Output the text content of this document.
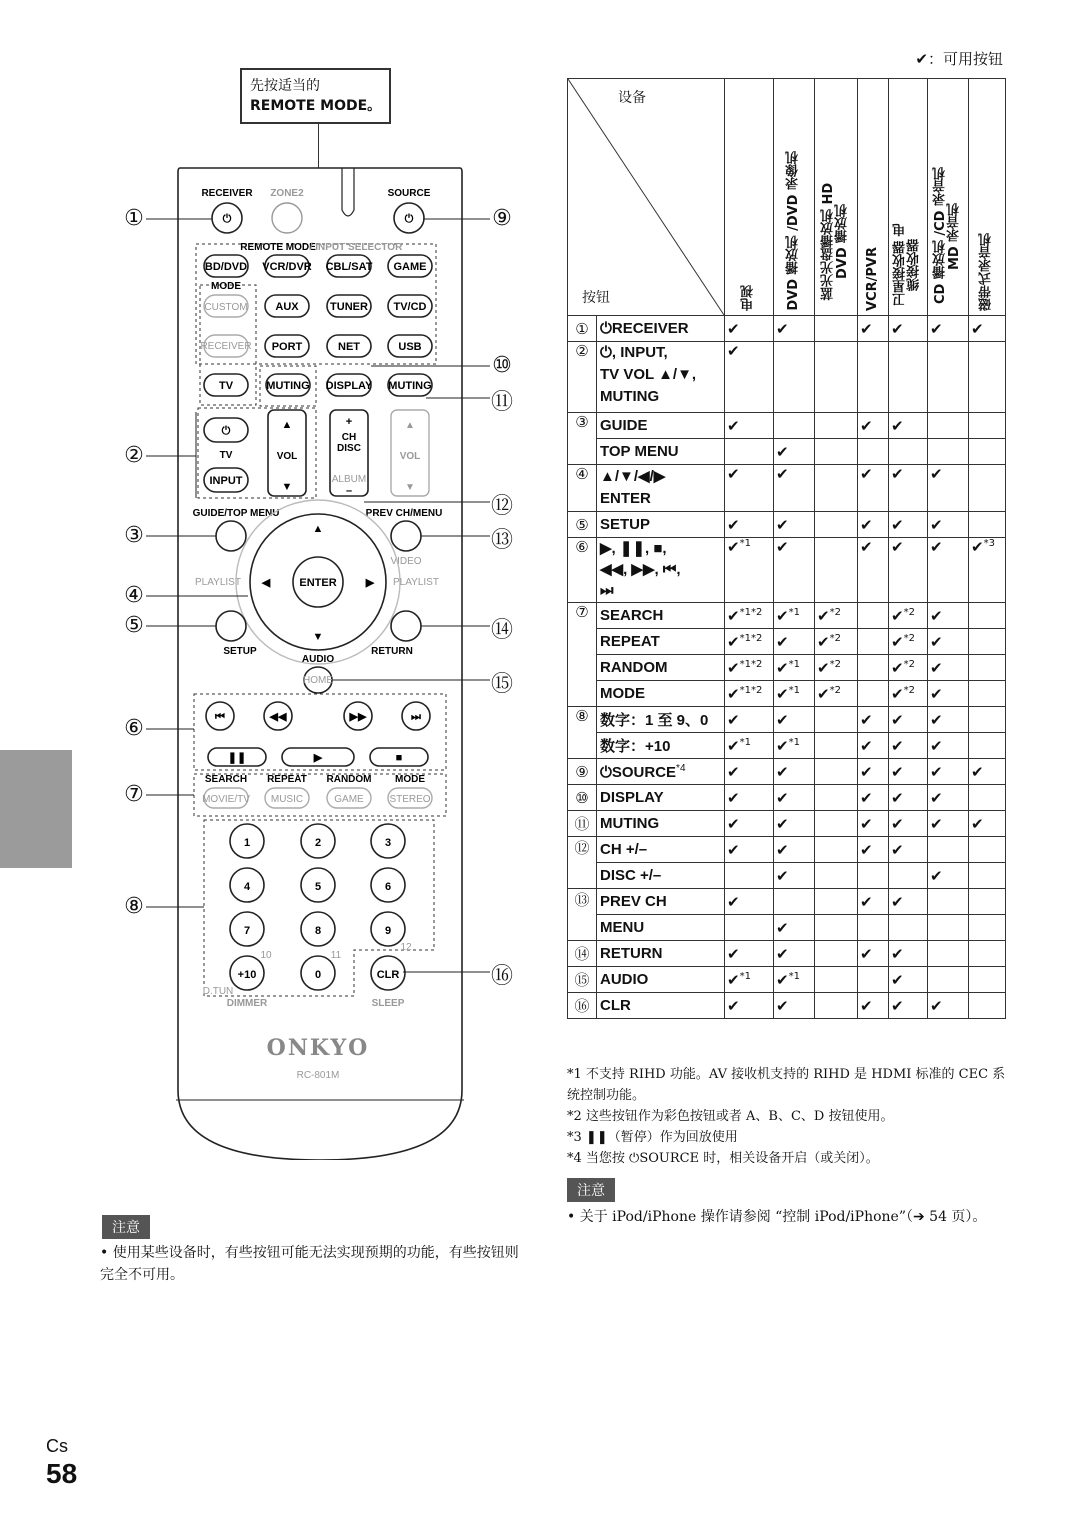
先按适当的
REMOTE MODE。
✔：可用按钮
RECEIVER ZONE2	SOURCE
⏻	⏻
REMOTE MODE
/ INPUT SELECTOR
BD/DVD VCR/DVR CBL/SAT GAME
MODE
CUSTOM	AUX	TUNER TV/CD
RECEIVER PORT	NET	USB
TV	MUTING DISPLAY MUTING
⏻
TV
INPUT
▲
VOL
▼
+
CH
DISC
ALBUM
–
▲
VOL
▼
GUIDE/TOP MENU	PREV CH/MENU
VIDEO
PLAYLIST	PLAYLIST
ENTER
▲
▼
◀	▶
SETUP	RETURN
AUDIO
HOME
⏮	◀◀	▶▶	⏭
❚❚	▶	■
SEARCH REPEAT RANDOM MODE
MOVIE/TV MUSIC	GAME	STEREO
1	2	3
4	5	6
7	8	9
10	11
12
+10	0	CLR
D.TUN
DIMMER	SLEEP
ONKYO
RC-801M
①
②
③
④
⑤
⑥
⑦
⑧
⑨
⑩
⑪
⑫
⑬
⑭
⑮
⑯
设备
按钮		电视	DVD 播放机 /DVD 录像机	蓝光光盘播放机 HD DVD 播放机	VCR/PVR	卫星接收器 电缆接收器	CD 播放机 /CD 录音机 MD 录音机	磁带式录音机

①	⏻RECEIVER	✔	✔		✔	✔	✔	✔
②	⏻, INPUT,
TV VOL ▲/▼,
MUTING	✔						
③	GUIDE	✔			✔	✔		
	TOP MENU		✔					
④	▲/▼/◀/▶
ENTER	✔	✔		✔	✔	✔	
⑤	SETUP	✔	✔		✔	✔	✔	
⑥	▶, ❚❚, ■,
◀◀, ▶▶, ⏮,
⏭	✔$^{*1}$	✔		✔	✔	✔	✔$^{*3}$
⑦	SEARCH	✔$^{*1*2}$	✔$^{*1}$	✔$^{*2}$		✔$^{*2}$	✔	
	REPEAT	✔$^{*1*2}$	✔	✔$^{*2}$		✔$^{*2}$	✔	
	RANDOM	✔$^{*1*2}$	✔$^{*1}$	✔$^{*2}$		✔$^{*2}$	✔	
	MODE	✔$^{*1*2}$	✔$^{*1}$	✔$^{*2}$		✔$^{*2}$	✔	
⑧	数字：1 至 9、0	✔	✔		✔	✔	✔	
	数字：+10	✔$^{*1}$	✔$^{*1}$		✔	✔	✔	
⑨	⏻SOURCE$^{*4}$	✔	✔		✔	✔	✔	✔
⑩	DISPLAY	✔	✔		✔	✔	✔	
⑪	MUTING	✔	✔		✔	✔	✔	✔
⑫	CH +/–	✔	✔		✔	✔		
	DISC +/–		✔				✔	
⑬	PREV CH	✔			✔	✔		
	MENU		✔					
⑭	RETURN	✔	✔		✔	✔		
⑮	AUDIO	✔$^{*1}$	✔$^{*1}$			✔		
⑯	CLR	✔	✔		✔	✔	✔	
*1 不支持 RIHD 功能。AV 接收机支持的 RIHD 是 HDMI 标准的 CEC 系统控制功能。
*2 这些按钮作为彩色按钮或者 A、B、C、D 按钮使用。
*3 ❚❚（暂停）作为回放使用
*4 当您按 ⏻SOURCE 时，相关设备开启（或关闭）。
注意
• 关于 iPod/iPhone 操作请参阅 “控制 iPod/iPhone”（➔ 54 页）。
注意
• 使用某些设备时，有些按钮可能无法实现预期的功能，有些按钮则完全不可用。
Cs
58
